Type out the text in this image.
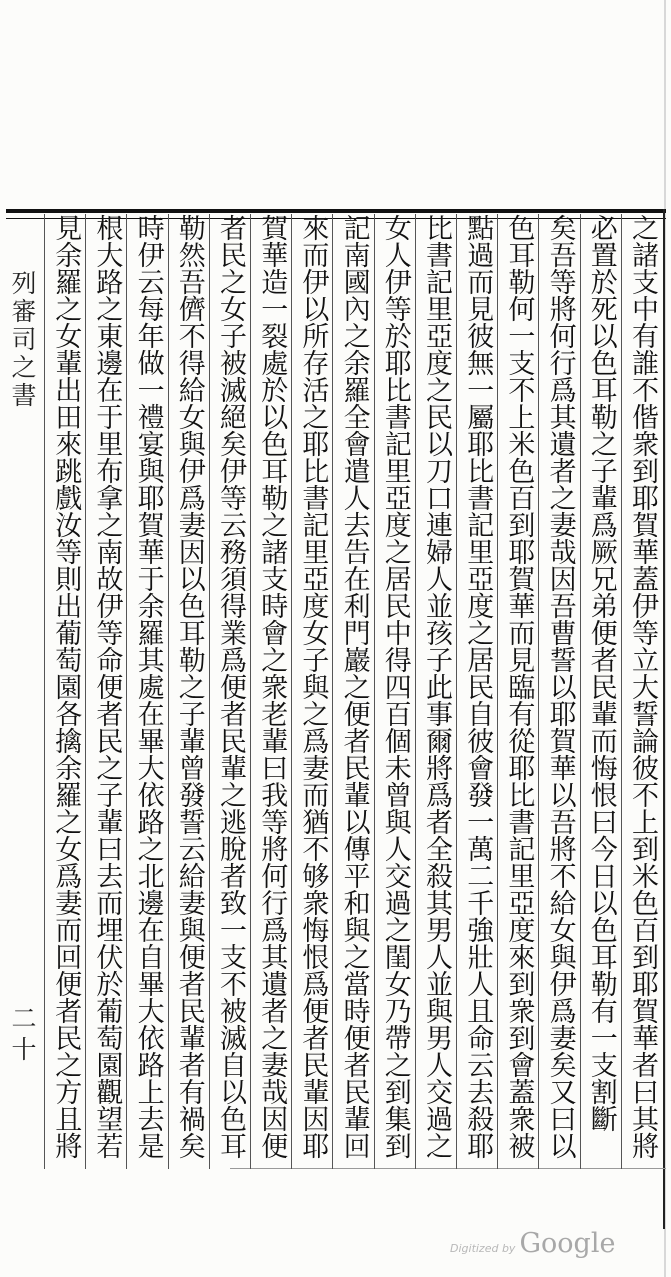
列審司之書
二十	之諸支中有誰不偕衆到耶賀華蓋伊等立大誓論彼不上到米色百到耶賀華者曰其將
必置於死以色耳勒之子輩爲厥兄弟便者民輩而悔恨曰今日以色耳勒有一支割斷
矣吾等將何行爲其遺者之妻哉因吾曹誓以耶賀華以吾將不給女與伊爲妻矣又曰以
色耳勒何一支不上米色百到耶賀華而見臨有從耶比書記里亞度來到衆到會蓋衆被
點過而見彼無一屬耶比書記里亞度之居民自彼會發一萬二千強壯人且命云去殺耶
比書記里亞度之民以刀口連婦人並孩子此事爾將爲者全殺其男人並與男人交過之
女人伊等於耶比書記里亞度之居民中得四百個未曾與人交過之閨女乃帶之到集到
記南國內之余羅全會遣人去告在利門巖之便者民輩以傳平和與之當時便者民輩回
來而伊以所存活之耶比書記里亞度女子與之爲妻而猶不够衆悔恨爲便者民輩因耶
賀華造一裂處於以色耳勒之諸支時會之衆老輩曰我等將何行爲其遺者之妻哉因便
者民之女子被滅絕矣伊等云務須得業爲便者民輩之逃脫者致一支不被滅自以色耳
勒然吾儕不得給女與伊爲妻因以色耳勒之子輩曾發誓云給妻與便者民輩者有禍矣
時伊云每年做一禮宴與耶賀華于余羅其處在畢大依路之北邊在自畢大依路上去是
根大路之東邊在于里布拿之南故伊等命便者民之子輩曰去而埋伏於葡萄園觀望若
見余羅之女輩出田來跳戲汝等則出葡萄園各擒余羅之女爲妻而回便者民之方且將
Digitized by Google
